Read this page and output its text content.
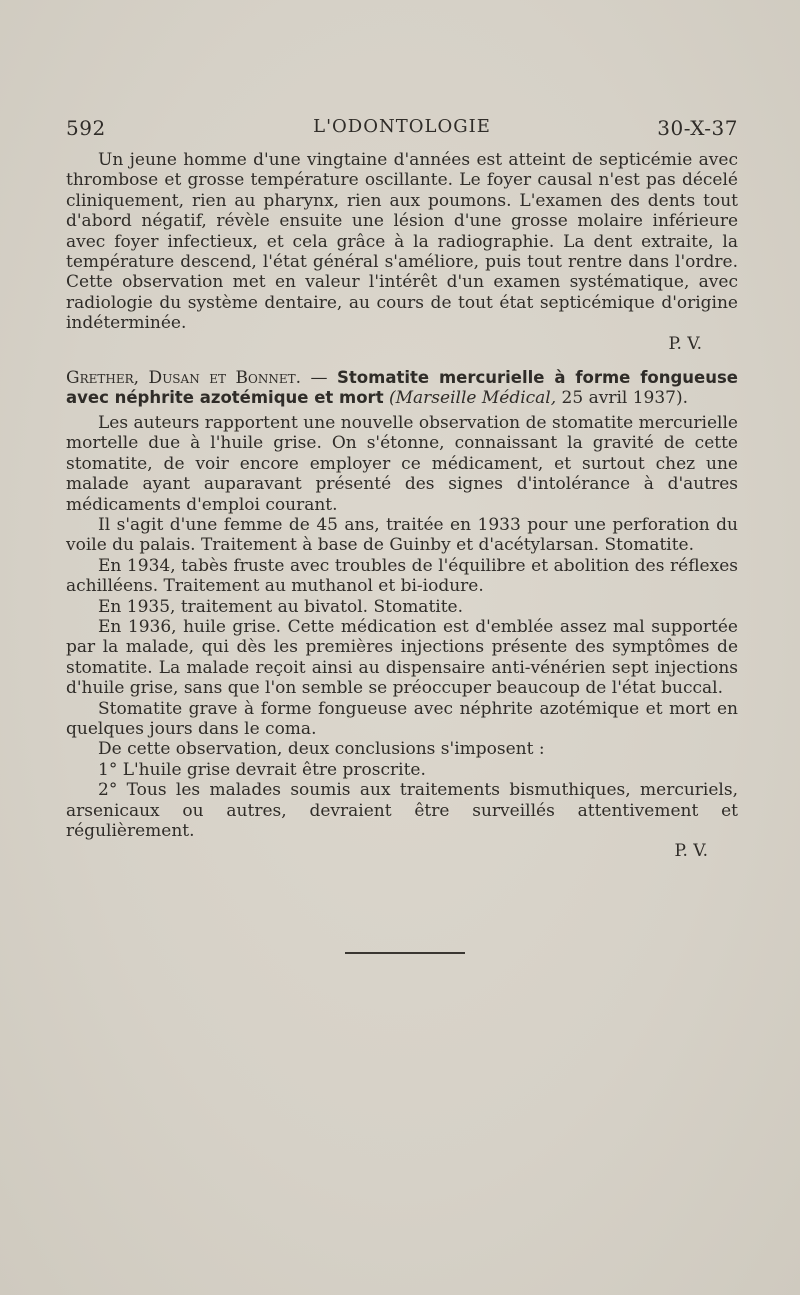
592	L'ODONTOLOGIE	30-X-37

Un jeune homme d'une vingtaine d'années est atteint de septicémie avec thrombose et grosse température oscillante. Le foyer causal n'est pas décelé cliniquement, rien au pharynx, rien aux poumons. L'examen des dents tout d'abord négatif, révèle ensuite une lésion d'une grosse molaire inférieure avec foyer infectieux, et cela grâce à la radiographie. La dent extraite, la température descend, l'état général s'améliore, puis tout rentre dans l'ordre. Cette observation met en valeur l'intérêt d'un examen systématique, avec radiologie du système dentaire, au cours de tout état septicémique d'origine indéterminée.

P. V.

Grether, Dusan et Bonnet. — Stomatite mercurielle à forme fongueuse avec néphrite azotémique et mort (Marseille Médical, 25 avril 1937).

Les auteurs rapportent une nouvelle observation de stomatite mercurielle mortelle due à l'huile grise. On s'étonne, connaissant la gravité de cette stomatite, de voir encore employer ce médicament, et surtout chez une malade ayant auparavant présenté des signes d'intolérance à d'autres médicaments d'emploi courant.

Il s'agit d'une femme de 45 ans, traitée en 1933 pour une perforation du voile du palais. Traitement à base de Guinby et d'acétylarsan. Stomatite.

En 1934, tabès fruste avec troubles de l'équilibre et abolition des réflexes achilléens. Traitement au muthanol et bi-iodure.

En 1935, traitement au bivatol. Stomatite.

En 1936, huile grise. Cette médication est d'emblée assez mal supportée par la malade, qui dès les premières injections présente des symptômes de stomatite. La malade reçoit ainsi au dispensaire anti-vénérien sept injections d'huile grise, sans que l'on semble se préoccuper beaucoup de l'état buccal.

Stomatite grave à forme fongueuse avec néphrite azotémique et mort en quelques jours dans le coma.

De cette observation, deux conclusions s'imposent :

1° L'huile grise devrait être proscrite.

2° Tous les malades soumis aux traitements bismuthiques, mercuriels, arsenicaux ou autres, devraient être surveillés attentivement et régulièrement.

P. V.
